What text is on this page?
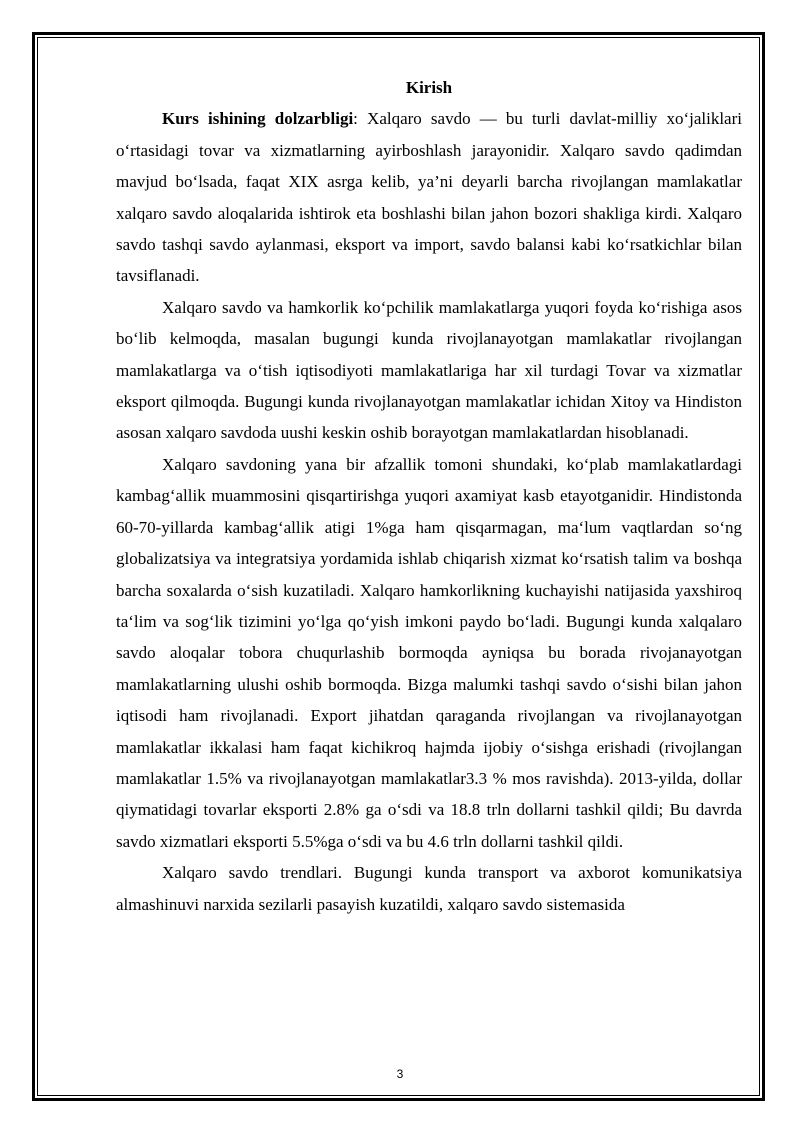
Kirish

Kurs ishining dolzarbligi: Xalqaro savdo — bu turli davlat-milliy xo‘jaliklari o‘rtasidagi tovar va xizmatlarning ayirboshlash jarayonidir. Xalqaro savdo qadimdan mavjud bo‘lsada, faqat XIX asrga kelib, ya’ni deyarli barcha rivojlangan mamlakatlar xalqaro savdo aloqalarida ishtirok eta boshlashi bilan jahon bozori shakliga kirdi. Xalqaro savdo tashqi savdo aylanmasi, eksport va import, savdo balansi kabi ko‘rsatkichlar bilan tavsiflanadi.

Xalqaro savdo va hamkorlik ko‘pchilik mamlakatlarga yuqori foyda ko‘rishiga asos bo‘lib kelmoqda, masalan bugungi kunda rivojlanayotgan mamlakatlar rivojlangan mamlakatlarga va o‘tish iqtisodiyoti mamlakatlariga har xil turdagi Tovar va xizmatlar eksport qilmoqda. Bugungi kunda rivojlanayotgan mamlakatlar ichidan Xitoy va Hindiston asosan xalqaro savdoda uushi keskin oshib borayotgan mamlakatlardan hisoblanadi.

Xalqaro savdoning yana bir afzallik tomoni shundaki, ko‘plab mamlakatlardagi kambag‘allik muammosini qisqartirishga yuqori axamiyat kasb etayotganidir. Hindistonda 60-70-yillarda kambag‘allik atigi 1%ga ham qisqarmagan, ma‘lum vaqtlardan so‘ng globalizatsiya va integratsiya yordamida ishlab chiqarish xizmat ko‘rsatish talim va boshqa barcha soxalarda o‘sish kuzatiladi. Xalqaro hamkorlikning kuchayishi natijasida yaxshiroq ta‘lim va sog‘lik tizimini yo‘lga qo‘yish imkoni paydo bo‘ladi. Bugungi kunda xalqalaro savdo aloqalar tobora chuqurlashib bormoqda ayniqsa bu borada rivojanayotgan mamlakatlarning ulushi oshib bormoqda. Bizga malumki tashqi savdo o‘sishi bilan jahon iqtisodi ham rivojlanadi. Export jihatdan qaraganda rivojlangan va rivojlanayotgan mamlakatlar ikkalasi ham faqat kichikroq hajmda ijobiy o‘sishga erishadi (rivojlangan mamlakatlar 1.5% va rivojlanayotgan mamlakatlar3.3 % mos ravishda). 2013-yilda, dollar qiymatidagi tovarlar eksporti 2.8% ga o‘sdi va 18.8 trln dollarni tashkil qildi; Bu davrda savdo xizmatlari eksporti 5.5%ga o‘sdi va bu 4.6 trln dollarni tashkil qildi.

Xalqaro savdo trendlari. Bugungi kunda transport va axborot komunikatsiya almashinuvi narxida sezilarli pasayish kuzatildi, xalqaro savdo sistemasida

3
